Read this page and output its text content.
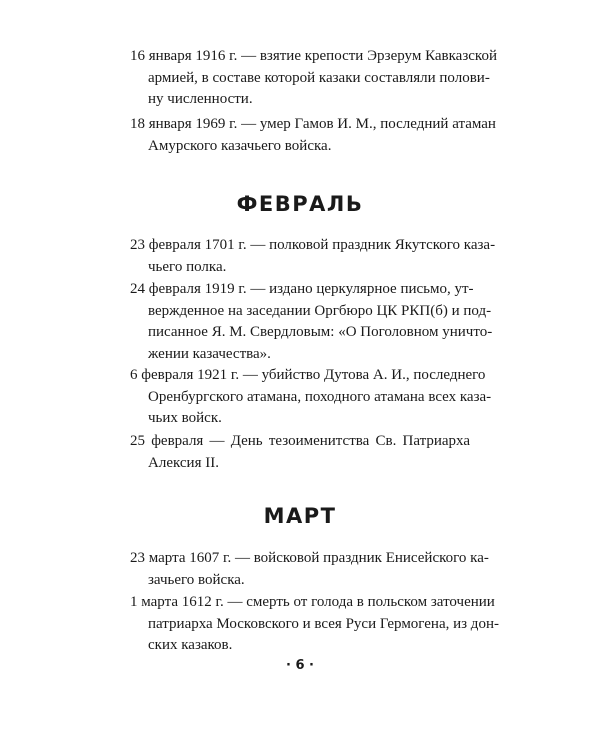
16 января 1916 г. — взятие крепости Эрзерум Кавказской
армией, в составе которой казаки составляли полови-
ну численности.
18 января 1969 г. — умер Гамов И. М., последний атаман
Амурского казачьего войска.
ФЕВРАЛЬ
23 февраля 1701 г. — полковой праздник Якутского каза-
чьего полка.
24 февраля 1919 г. — издано церкулярное письмо, ут-
вержденное на заседании Оргбюро ЦК РКП(б) и под-
писанное Я. М. Свердловым: «О Поголовном уничто-
жении казачества».
6 февраля 1921 г. — убийство Дутова А. И., последнего
Оренбургского атамана, походного атамана всех каза-
чьих войск.
25 февраля — День тезоименитства Св. Патриарха
Алексия II.
МАРТ
23 марта 1607 г. — войсковой праздник Енисейского ка-
зачьего войска.
1 марта 1612 г. — смерть от голода в польском заточении
патриарха Московского и всея Руси Гермогена, из дон-
ских казаков.
· 6 ·
